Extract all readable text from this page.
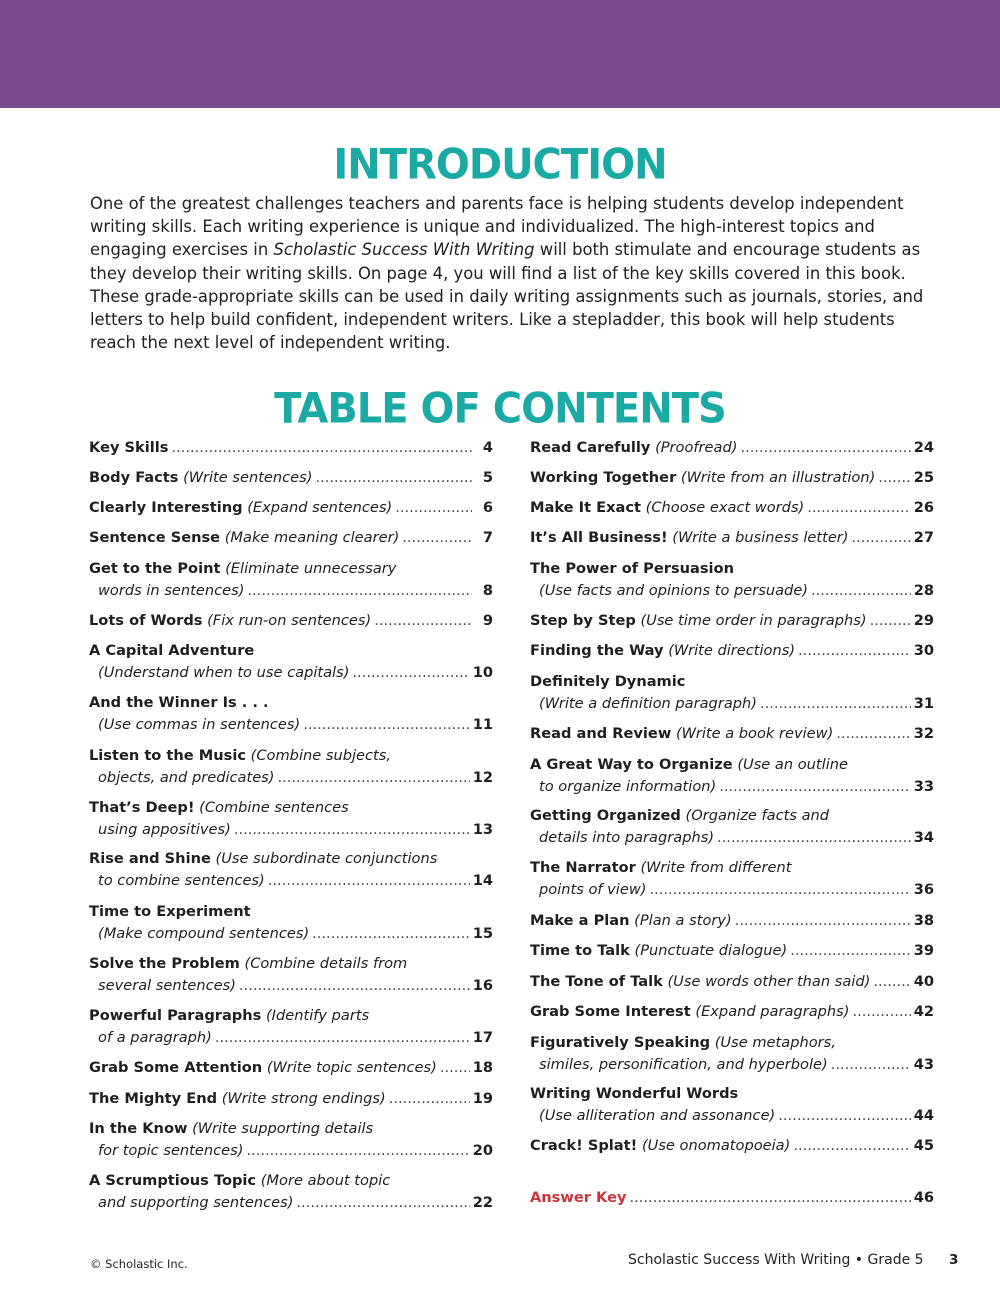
INTRODUCTION

One of the greatest challenges teachers and parents face is helping students develop independent writing skills. Each writing experience is unique and individualized. The high-interest topics and engaging exercises in Scholastic Success With Writing will both stimulate and encourage students as they develop their writing skills. On page 4, you will find a list of the key skills covered in this book. These grade-appropriate skills can be used in daily writing assignments such as journals, stories, and letters to help build confident, independent writers. Like a stepladder, this book will help students reach the next level of independent writing.

TABLE OF CONTENTS
Key Skills .....	4
Body Facts
(Write sentences) .....	5
Clearly Interesting
(Expand sentences) .....	6
Sentence Sense
(Make meaning clearer) .....	7
Get to the Point (Eliminate unnecessary
words in sentences) .....	8
Lots of Words
(Fix run-on sentences) .....	9
A Capital Adventure
(Understand when to use capitals) .....	10
And the Winner Is . . .
(Use commas in sentences) .....	11
Listen to the Music (Combine subjects,
objects, and predicates) .....	12
That’s Deep! (Combine sentences
using appositives) .....	13
Rise and Shine (Use subordinate conjunctions
to combine sentences) .....	14
Time to Experiment
(Make compound sentences) .....	15
Solve the Problem (Combine details from
several sentences) .....	16
Powerful Paragraphs (Identify parts
of a paragraph) .....	17
Grab Some Attention
(Write topic sentences) ..... 18
The Mighty End
(Write strong endings) .....	19
In the Know (Write supporting details
for topic sentences) .....	20
A Scrumptious Topic (More about topic
and supporting sentences) .....	22
Read Carefully
(Proofread) .....	24
Working Together
(Write from an illustration) .....	25
Make It Exact
(Choose exact words) .....	26
It’s All Business!
(Write a business letter) .....	27
The Power of Persuasion
(Use facts and opinions to persuade) .....	28
Step by Step
(Use time order in paragraphs) .....	29
Finding the Way
(Write directions) .....	30
Definitely Dynamic
(Write a definition paragraph) .....	31
Read and Review
(Write a book review) .....	32
A Great Way to Organize (Use an outline
to organize information) .....	33
Getting Organized (Organize facts and
details into paragraphs) .....	34
The Narrator (Write from different
points of view) .....	36
Make a Plan
(Plan a story) .....	38
Time to Talk
(Punctuate dialogue) .....	39
The Tone of Talk
(Use words other than said) .....	40
Grab Some Interest
(Expand paragraphs) .....	42
Figuratively Speaking (Use metaphors,
similes, personification, and hyperbole) .....	43
Writing Wonderful Words
(Use alliteration and assonance) .....	44
Crack! Splat!
(Use onomatopoeia) .....	45
Answer Key .....	46
© Scholastic Inc.	Scholastic Success With Writing • Grade 5 3
